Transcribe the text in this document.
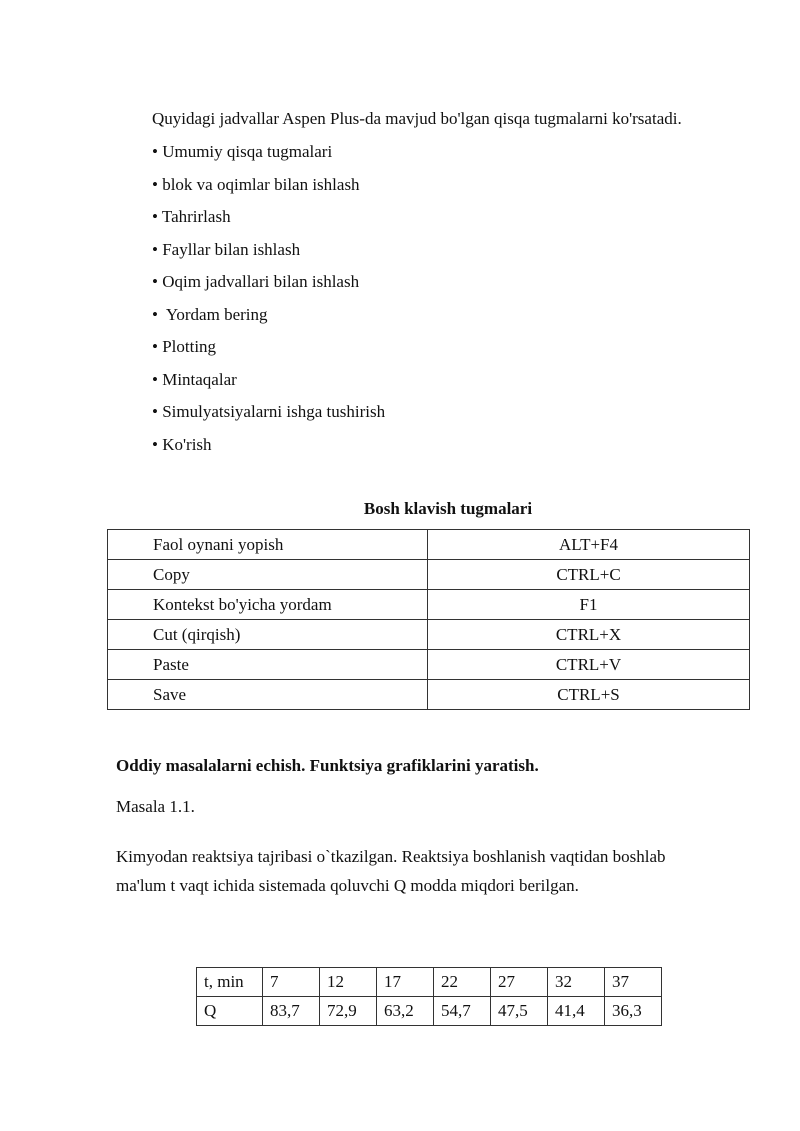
Quyidagi jadvallar Aspen Plus-da mavjud bo'lgan qisqa tugmalarni ko'rsatadi.
• Umumiy qisqa tugmalari
• blok va oqimlar bilan ishlash
• Tahrirlash
• Fayllar bilan ishlash
• Oqim jadvallari bilan ishlash
•  Yordam bering
• Plotting
• Mintaqalar
• Simulyatsiyalarni ishga tushirish
• Ko'rish
Bosh klavish tugmalari
Faol oynani yopish	ALT+F4
Copy	CTRL+C
Kontekst bo'yicha yordam	F1
Cut (qirqish)	CTRL+X
Paste	CTRL+V
Save	CTRL+S
Oddiy masalalarni echish. Funktsiya grafiklarini yaratish.
Masala 1.1.
Kimyodan reaktsiya tajribasi o`tkazilgan. Reaktsiya boshlanish vaqtidan boshlab ma'lum t vaqt ichida sistemada qoluvchi Q modda miqdori berilgan.
t, min	7	12	17	22	27	32	37
Q	83,7	72,9	63,2	54,7	47,5	41,4	36,3
